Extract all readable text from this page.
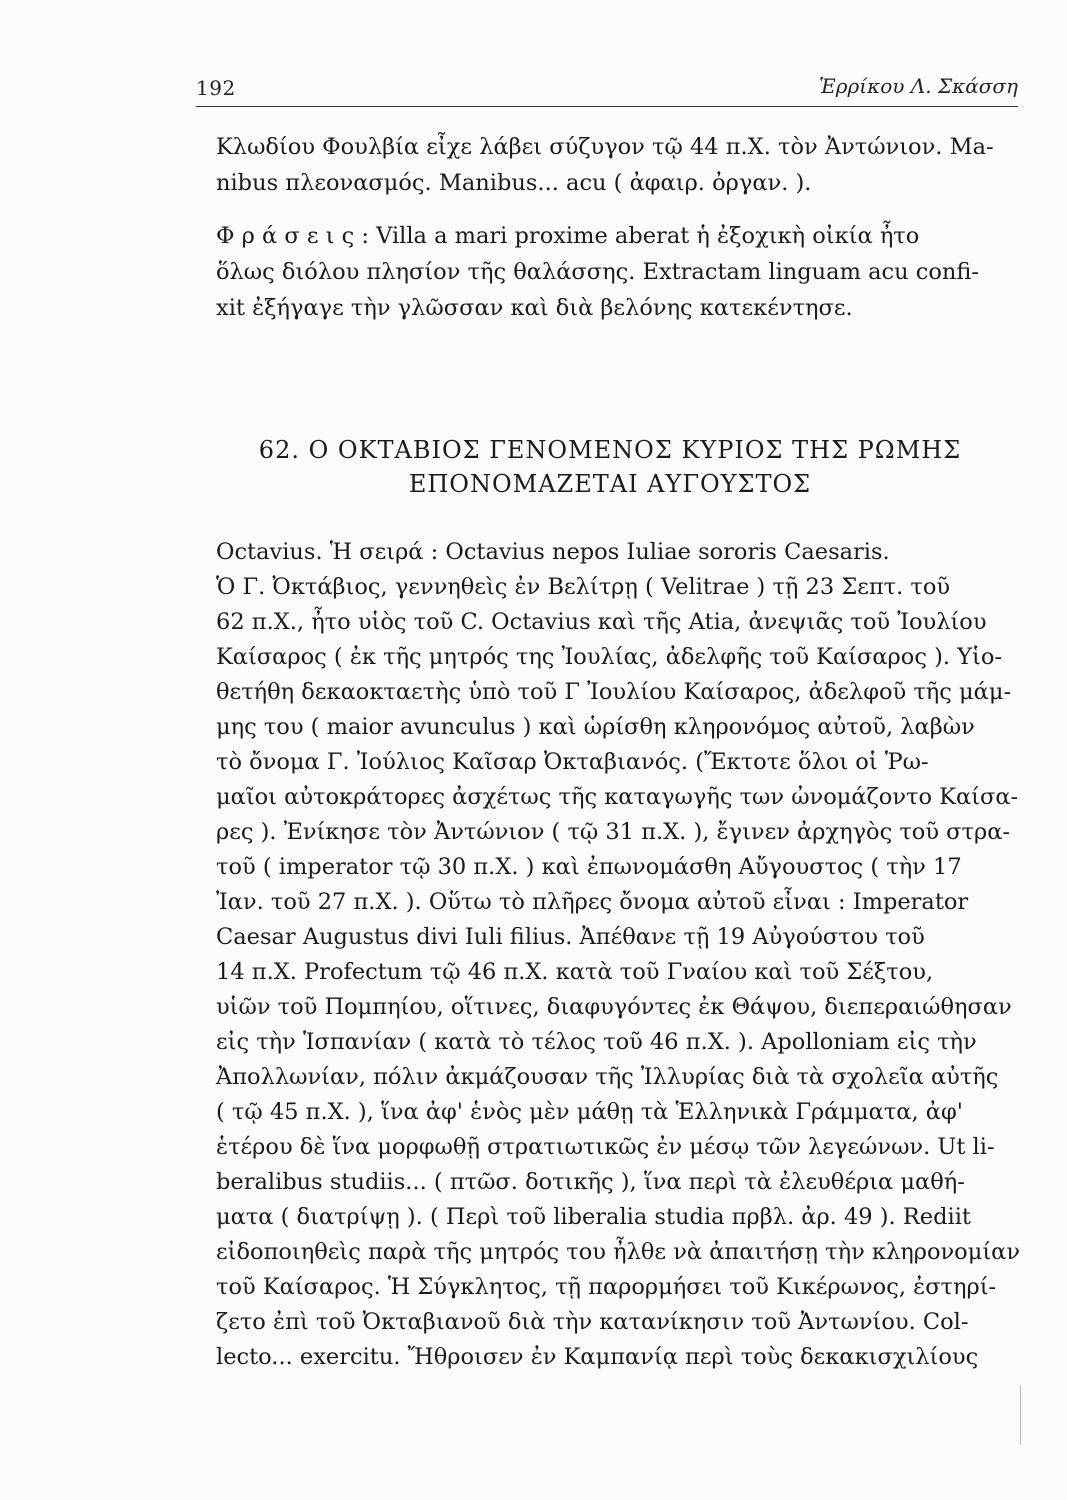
192	Ἑρρίκου Λ. Σκάσση
Κλωδίου Φουλβία εἶχε λάβει σύζυγον τῷ 44 π.Χ. τὸν Ἀντώνιον. Ma-
nibus πλεονασμός. Manibus... acu ( ἀφαιρ. ὀργαν. ).
Φ ρ ά σ ε ι ς : Villa a mari proxime aberat ἡ ἐξοχικὴ οἰκία ἦτο
ὅλως διόλου πλησίον τῆς θαλάσσης. Extractam linguam acu confi-
xit ἐξήγαγε τὴν γλῶσσαν καὶ διὰ βελόνης κατεκέντησε.
62. Ο ΟΚΤΑΒΙΟΣ ΓΕΝΟΜΕΝΟΣ ΚΥΡΙΟΣ ΤΗΣ ΡΩΜΗΣ
ΕΠΟΝΟΜΑΖΕΤΑΙ ΑΥΓΟΥΣΤΟΣ
Octavius. Ἡ σειρά : Octavius nepos Iuliae sororis Caesaris.
Ὁ Γ. Ὀκτάβιος, γεννηθεὶς ἐν Βελίτρῃ ( Velitrae ) τῇ 23 Σεπτ. τοῦ
62 π.Χ., ἦτο υἱὸς τοῦ C. Octavius καὶ τῆς Atia, ἀνεψιᾶς τοῦ Ἰουλίου
Καίσαρος ( ἐκ τῆς μητρός της Ἰουλίας, ἀδελφῆς τοῦ Καίσαρος ). Υἱο-
θετήθη δεκαοκταετὴς ὑπὸ τοῦ Γ Ἰουλίου Καίσαρος, ἀδελφοῦ τῆς μάμ-
μης του ( maior avunculus ) καὶ ὡρίσθη κληρονόμος αὐτοῦ, λαβὼν
τὸ ὄνομα Γ. Ἰούλιος Καῖσαρ Ὀκταβιανός. (Ἔκτοτε ὅλοι οἱ Ῥω-
μαῖοι αὐτοκράτορες ἀσχέτως τῆς καταγωγῆς των ὠνομάζοντο Καίσα-
ρες ). Ἐνίκησε τὸν Ἀντώνιον ( τῷ 31 π.Χ. ), ἔγινεν ἀρχηγὸς τοῦ στρα-
τοῦ ( imperator τῷ 30 π.Χ. ) καὶ ἐπωνομάσθη Αὔγουστος ( τὴν 17
Ἰαν. τοῦ 27 π.Χ. ). Οὕτω τὸ πλῆρες ὄνομα αὐτοῦ εἶναι : Imperator
Caesar Augustus divi Iuli filius. Ἀπέθανε τῇ 19 Αὐγούστου τοῦ
14 π.Χ. Profectum τῷ 46 π.Χ. κατὰ τοῦ Γναίου καὶ τοῦ Σέξτου,
υἱῶν τοῦ Πομπηίου, οἵτινες, διαφυγόντες ἐκ Θάψου, διεπεραιώθησαν
εἰς τὴν Ἱσπανίαν ( κατὰ τὸ τέλος τοῦ 46 π.Χ. ). Apolloniam εἰς τὴν
Ἀπολλωνίαν, πόλιν ἀκμάζουσαν τῆς Ἰλλυρίας διὰ τὰ σχολεῖα αὐτῆς
( τῷ 45 π.Χ. ), ἵνα ἀφ' ἑνὸς μὲν μάθῃ τὰ Ἑλληνικὰ Γράμματα, ἀφ'
ἑτέρου δὲ ἵνα μορφωθῇ στρατιωτικῶς ἐν μέσῳ τῶν λεγεώνων. Ut li-
beralibus studiis... ( πτῶσ. δοτικῆς ), ἵνα περὶ τὰ ἐλευθέρια μαθή-
ματα ( διατρίψῃ ). ( Περὶ τοῦ liberalia studia πρβλ. ἀρ. 49 ). Rediit
εἰδοποιηθεὶς παρὰ τῆς μητρός του ἦλθε νὰ ἀπαιτήσῃ τὴν κληρονομίαν
τοῦ Καίσαρος. Ἡ Σύγκλητος, τῇ παρορμήσει τοῦ Κικέρωνος, ἐστηρί-
ζετο ἐπὶ τοῦ Ὀκταβιανοῦ διὰ τὴν κατανίκησιν τοῦ Ἀντωνίου. Col-
lecto... exercitu. Ἤθροισεν ἐν Καμπανίᾳ περὶ τοὺς δεκακισχιλίους
